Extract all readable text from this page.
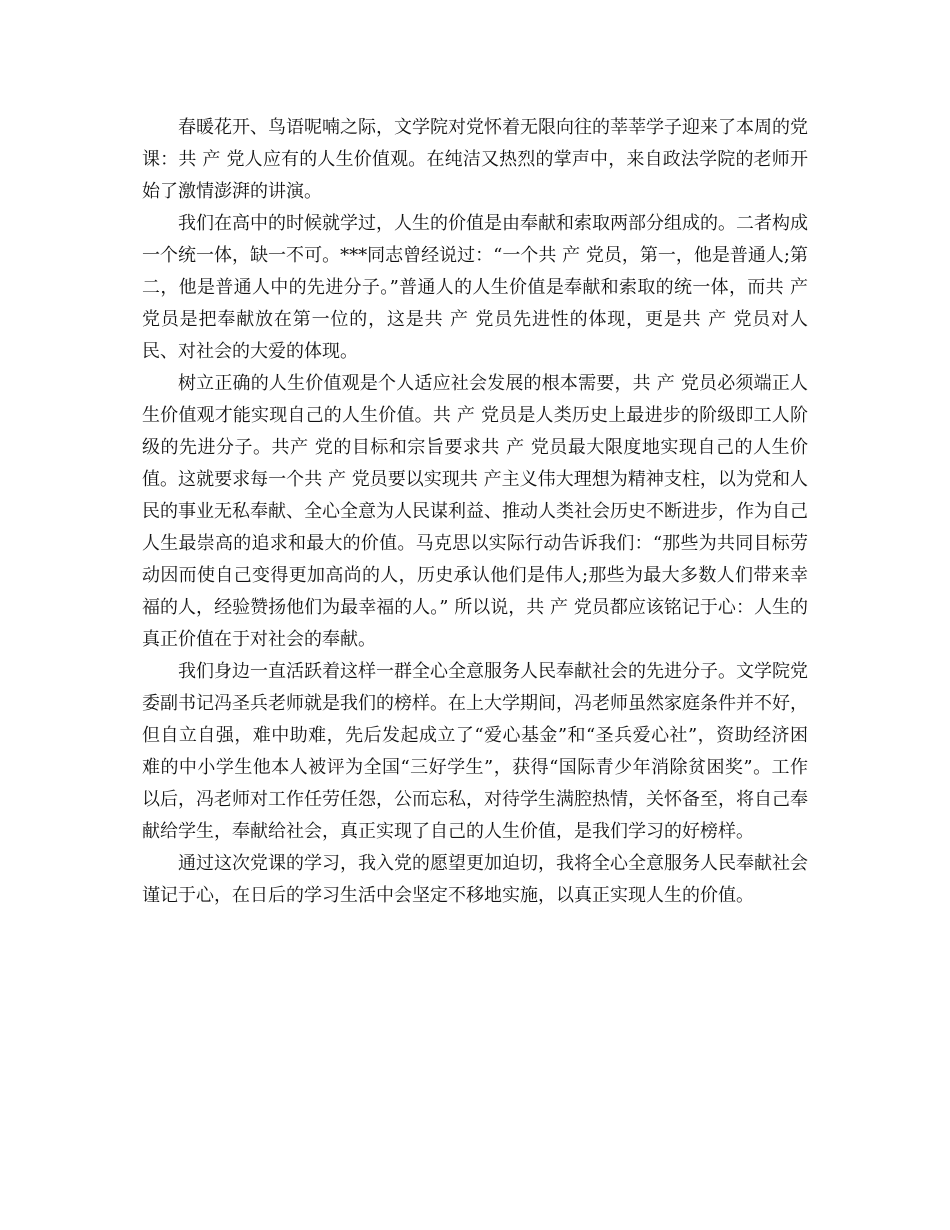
春暖花开、鸟语呢喃之际，文学院对党怀着无限向往的莘莘学子迎来了本周的党课：共 产 党人应有的人生价值观。在纯洁又热烈的掌声中，来自政法学院的老师开始了激情澎湃的讲演。

我们在高中的时候就学过，人生的价值是由奉献和索取两部分组成的。二者构成一个统一体，缺一不可。***同志曾经说过：“一个共 产 党员，第一，他是普通人;第二，他是普通人中的先进分子。”普通人的人生价值是奉献和索取的统一体，而共 产 党员是把奉献放在第一位的，这是共 产 党员先进性的体现，更是共 产 党员对人民、对社会的大爱的体现。

树立正确的人生价值观是个人适应社会发展的根本需要，共 产 党员必须端正人生价值观才能实现自己的人生价值。共 产 党员是人类历史上最进步的阶级即工人阶级的先进分子。共产 党的目标和宗旨要求共 产 党员最大限度地实现自己的人生价值。这就要求每一个共 产 党员要以实现共 产主义伟大理想为精神支柱，以为党和人民的事业无私奉献、全心全意为人民谋利益、推动人类社会历史不断进步，作为自己人生最崇高的追求和最大的价值。马克思以实际行动告诉我们：“那些为共同目标劳动因而使自己变得更加高尚的人，历史承认他们是伟人;那些为最大多数人们带来幸福的人，经验赞扬他们为最幸福的人。” 所以说，共 产 党员都应该铭记于心：人生的真正价值在于对社会的奉献。

我们身边一直活跃着这样一群全心全意服务人民奉献社会的先进分子。文学院党委副书记冯圣兵老师就是我们的榜样。在上大学期间，冯老师虽然家庭条件并不好，但自立自强，难中助难，先后发起成立了“爱心基金”和“圣兵爱心社”，资助经济困难的中小学生他本人被评为全国“三好学生”，获得“国际青少年消除贫困奖”。工作以后，冯老师对工作任劳任怨，公而忘私，对待学生满腔热情，关怀备至，将自己奉献给学生，奉献给社会，真正实现了自己的人生价值，是我们学习的好榜样。

通过这次党课的学习，我入党的愿望更加迫切，我将全心全意服务人民奉献社会谨记于心，在日后的学习生活中会坚定不移地实施，以真正实现人生的价值。
